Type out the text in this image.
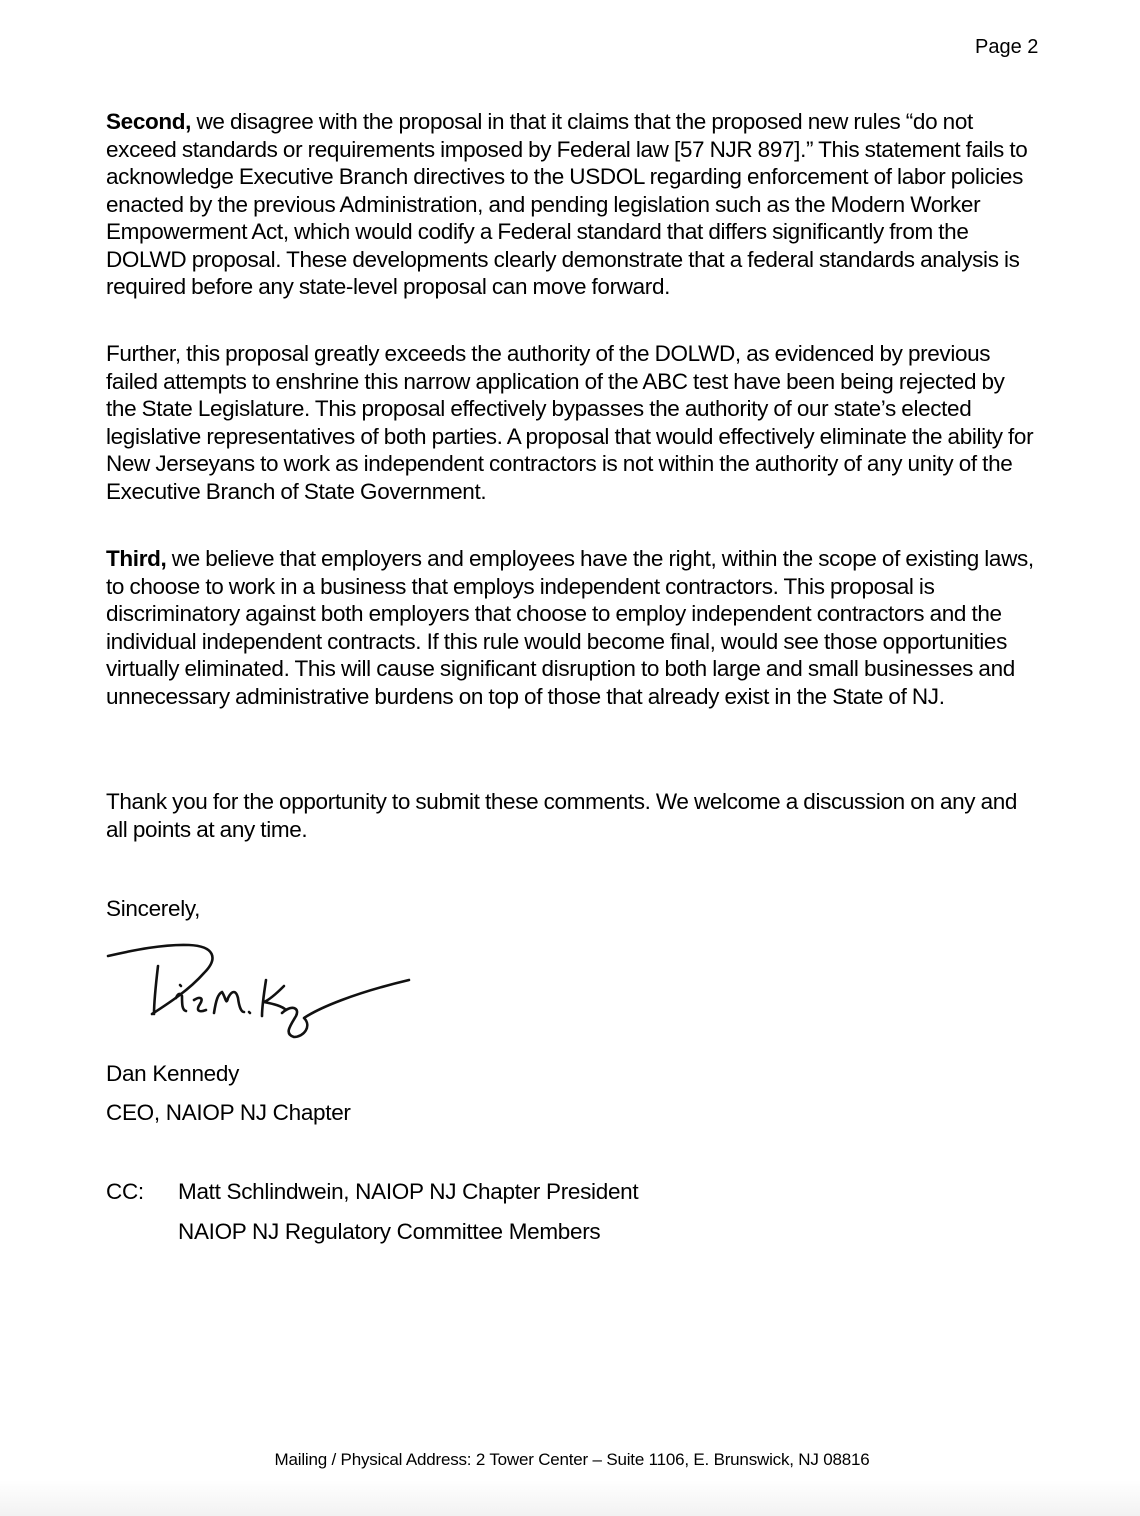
Page 2

Second, we disagree with the proposal in that it claims that the proposed new rules “do not exceed standards or requirements imposed by Federal law [57 NJR 897].” This statement fails to acknowledge Executive Branch directives to the USDOL regarding enforcement of labor policies enacted by the previous Administration, and pending legislation such as the Modern Worker Empowerment Act, which would codify a Federal standard that differs significantly from the DOLWD proposal. These developments clearly demonstrate that a federal standards analysis is required before any state-level proposal can move forward.

Further, this proposal greatly exceeds the authority of the DOLWD, as evidenced by previous failed attempts to enshrine this narrow application of the ABC test have been being rejected by the State Legislature. This proposal effectively bypasses the authority of our state’s elected legislative representatives of both parties. A proposal that would effectively eliminate the ability for New Jerseyans to work as independent contractors is not within the authority of any unity of the Executive Branch of State Government.

Third, we believe that employers and employees have the right, within the scope of existing laws, to choose to work in a business that employs independent contractors. This proposal is discriminatory against both employers that choose to employ independent contractors and the individual independent contracts. If this rule would become final, would see those opportunities virtually eliminated. This will cause significant disruption to both large and small businesses and unnecessary administrative burdens on top of those that already exist in the State of NJ.

Thank you for the opportunity to submit these comments. We welcome a discussion on any and all points at any time.

Sincerely,
Dan Kennedy
CEO, NAIOP NJ Chapter
CC: Matt Schlindwein, NAIOP NJ Chapter President
NAIOP NJ Regulatory Committee Members
Mailing / Physical Address: 2 Tower Center – Suite 1106, E. Brunswick, NJ 08816
